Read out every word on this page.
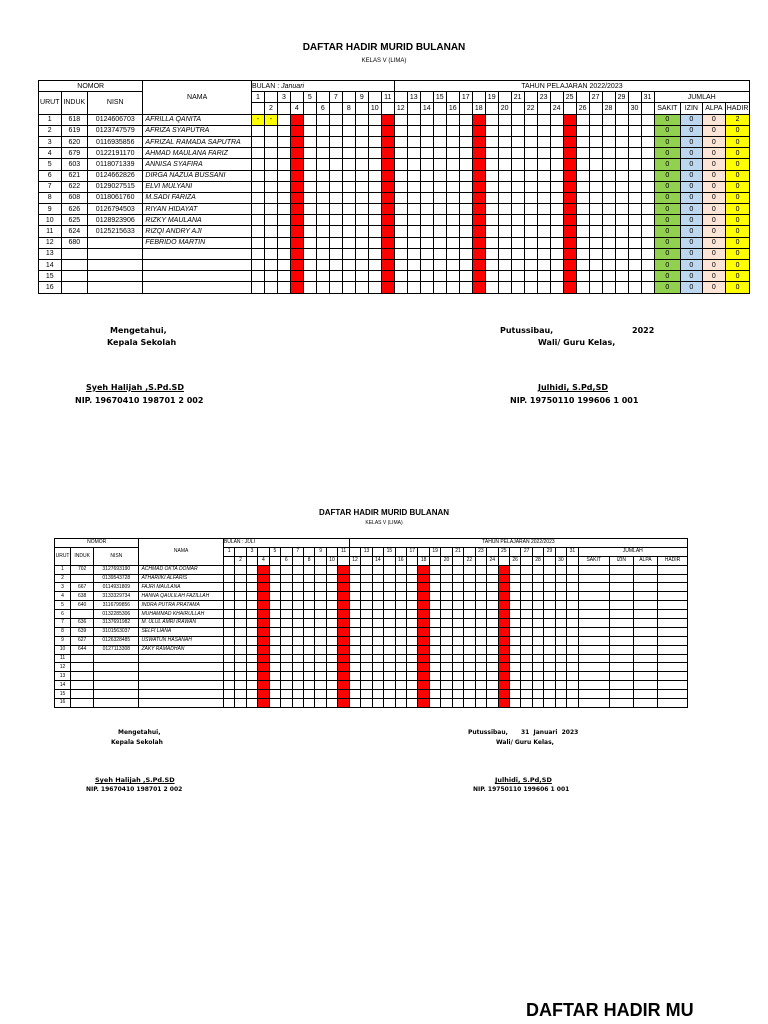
DAFTAR HADIR MURID BULANAN
KELAS V (LIMA)
NOMOR			NAMA	BULAN : Januari											TAHUN PELAJARAN 2022/2023																							
URUT	INDUK	NISN		1		3		5		7		9		11		13		15		17		19		21		23		25		27		29		31	JUMLAH			
					2		4		6		8		10		12		14		16		18		20		22		24		26		28		30		SAKIT	IZIN	ALPA	HADIR
1	618	0124606703	AFRILLA QANITA	-	-																														0	0	0	2
2	619	0123747579	AFRIZA SYAPUTRA																																0	0	0	0
3	620	0116935856	AFRIZAL RAMADA SAPUTRA																																0	0	0	0
4	679	0122191170	AHMAD MAULANA FARIZ																																0	0	0	0
5	603	0118071339	ANNISA SYAFIRA																																0	0	0	0
6	621	0124662826	DIRGA NAZUA BUSSANI																																0	0	0	0
7	622	0129027515	ELVI MULYANI																																0	0	0	0
8	608	0118061760	M.SADI FARIZA																																0	0	0	0
9	626	0126794503	RIYAN HIDAYAT																																0	0	0	0
10	625	0128923906	RIZKY MAULANA																																0	0	0	0
11	624	0125215633	RIZQI ANDRY AJI																																0	0	0	0
12	680		FEBRIDO MARTIN																																0	0	0	0
13																																			0	0	0	0
14																																			0	0	0	0
15																																			0	0	0	0
16																																			0	0	0	0
Mengetahui,
Kepala Sekolah
Putussibau,	2022
Wali/ Guru Kelas,
Syeh Halijah ,S.Pd.SD
NIP. 19670410 198701 2 002
Julhidi, S.Pd,SD
NIP. 19750110 199606 1 001
DAFTAR HADIR MURID BULANAN
KELAS V (LIMA)
NOMOR			NAMA	BULAN : JULI											TAHUN PELAJARAN 2022/2023																							
URUT	INDUK	NISN		1		3		5		7		9		11		13		15		17		19		21		23		25		27		29		31	JUMLAH			
					2		4		6		8		10		12		14		16		18		20		22		24		26		28		30		SAKIT	IZIN	ALPA	HADIR
1	702	3127693190	ACHMAD OKTA DOMAR																																			
2		0139543728	ATHARIIKI ALFARIS																																			
3	667	0114931809	FAJRI MAULANA																																			
4	638	3133329734	HANNA QAULILAH FAZILLAH																																			
5	640	3116799856	INDRA PUTRA PRATAMA																																			
6		0132285306	MUHAMMAD KHAIRULLAH																																			
7	636	3137691982	M. ULUL AMRI IRAWAN																																			
8	639	3101563037	SELFI LIANA																																			
9	627	0126328485	USWATUN HASANAH																																			
10	644	0127113308	ZAKY RAMADHAN																																			
11																																						
12																																						
13																																						
14																																						
15																																						
16																																						
Mengetahui,
Kepala Sekolah
Putussibau, 31  Januari  2023
Wali/ Guru Kelas,
Syeh Halijah ,S.Pd.SD
NIP. 19670410 198701 2 002
Julhidi, S.Pd,SD
NIP. 19750110 199606 1 001
DAFTAR HADIR MU
